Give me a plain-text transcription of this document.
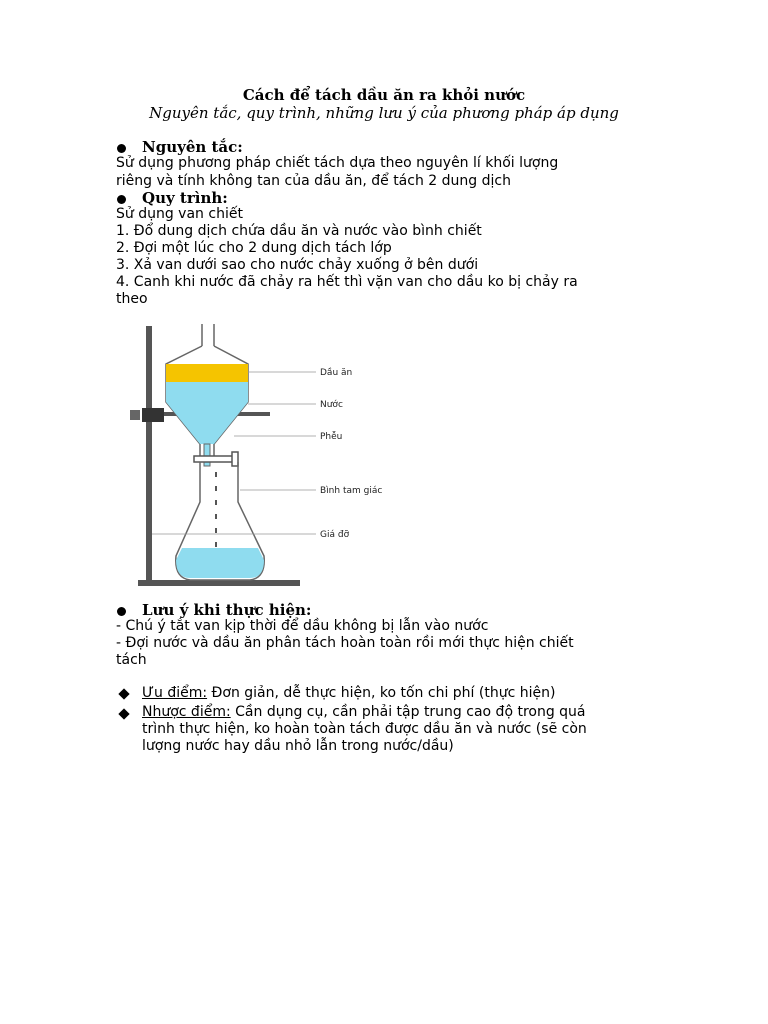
Cách để tách dầu ăn ra khỏi nước
Nguyên tắc, quy trình, những lưu ý của phương pháp áp dụng
Nguyên tắc:
Sử dụng phương pháp chiết tách dựa theo nguyên lí khối lượng
riêng và tính không tan của dầu ăn, để tách 2 dung dịch
Quy trình:
Sử dụng van chiết
1. Đổ dung dịch chứa dầu ăn và nước vào bình chiết
2. Đợi một lúc cho 2 dung dịch tách lớp
3. Xả van dưới sao cho nước chảy xuống ở bên dưới
4. Canh khi nước đã chảy ra hết thì vặn van cho dầu ko bị chảy ra
theo
Dầu ăn
Nước
Phễu
Bình tam giác
Giá đỡ
Lưu ý khi thực hiện:
- Chú ý tắt van kịp thời để dầu không bị lẫn vào nước
- Đợi nước và dầu ăn phân tách hoàn toàn rồi mới thực hiện chiết
tách
Ưu điểm: Đơn giản, dễ thực hiện, ko tốn chi phí (thực hiện)
Nhược điểm: Cần dụng cụ, cần phải tập trung cao độ trong quá
trình thực hiện, ko hoàn toàn tách được dầu ăn và nước (sẽ còn
lượng nước hay dầu nhỏ lẫn trong nước/dầu)
